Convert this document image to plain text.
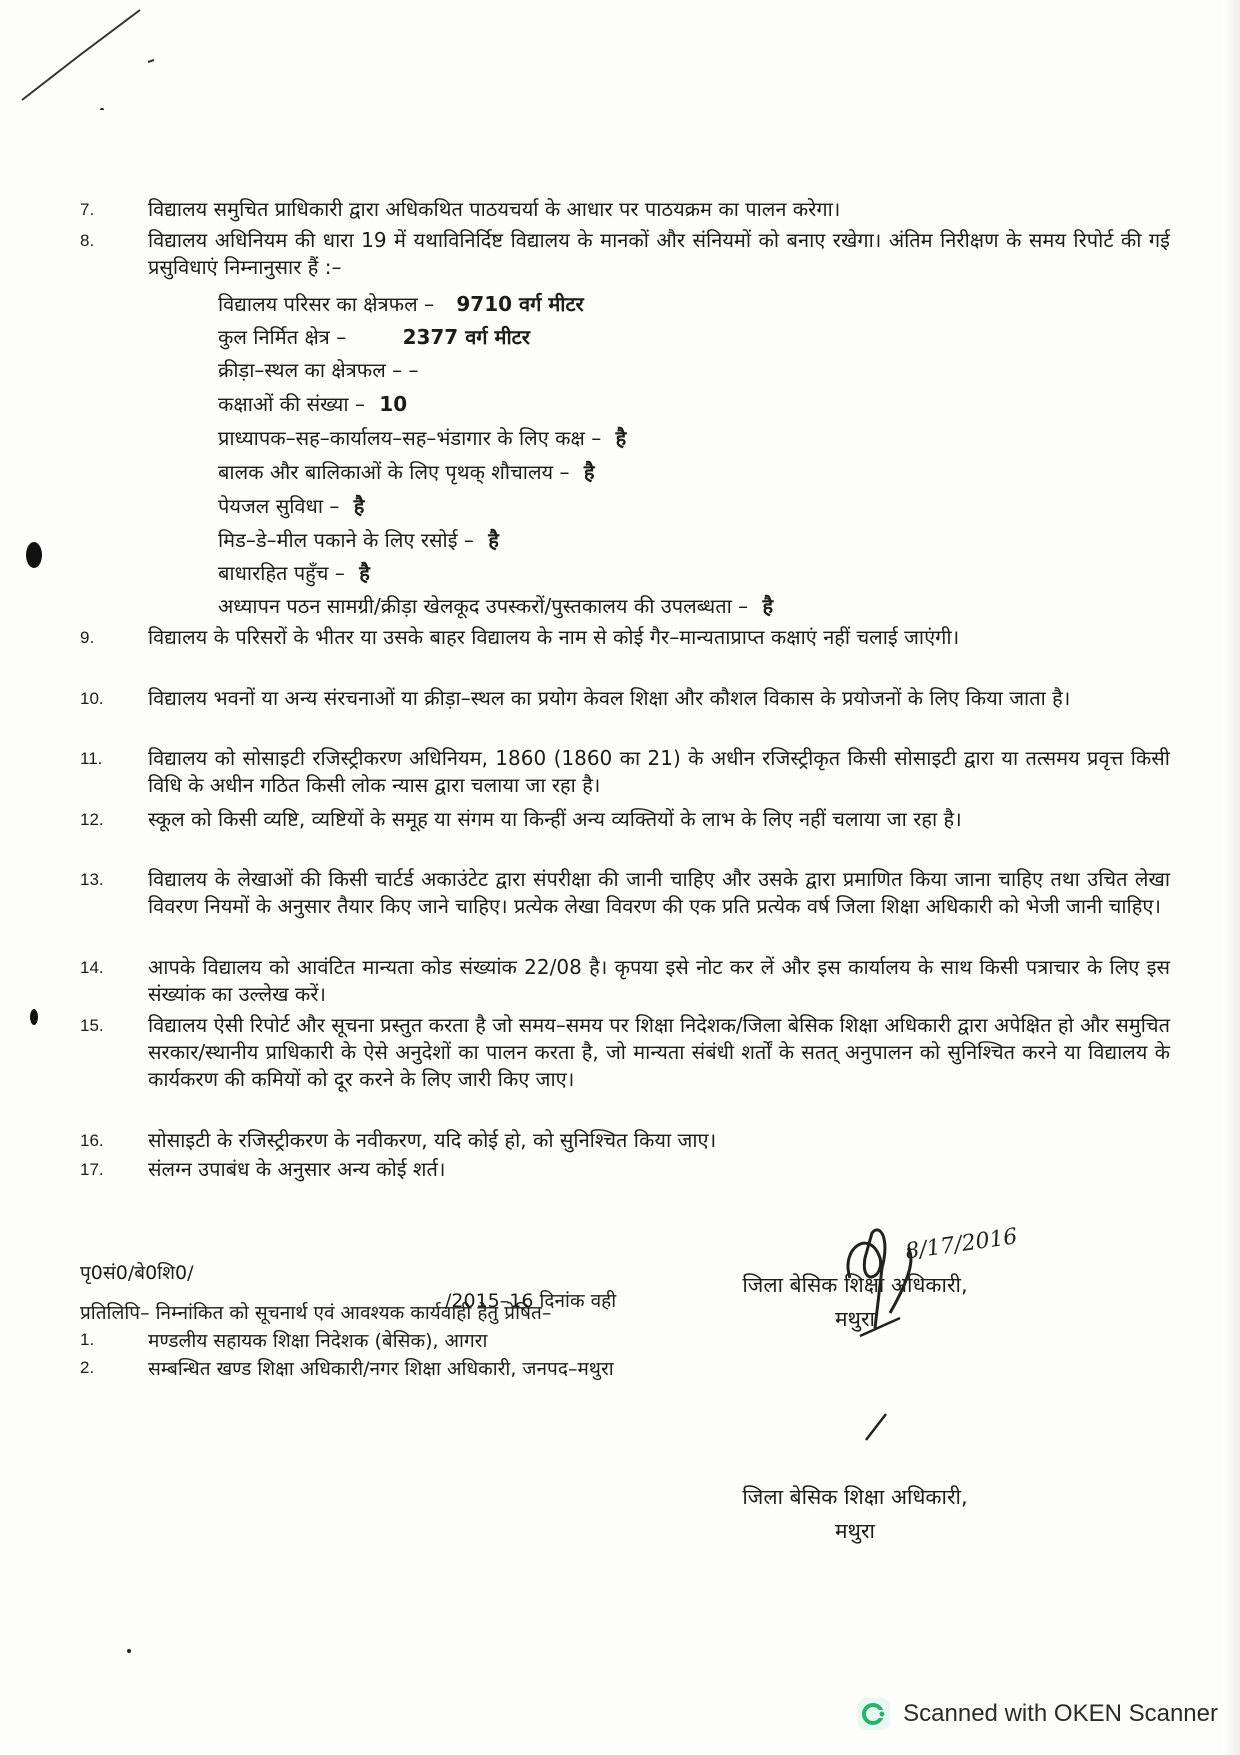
7.	विद्यालय समुचित प्राधिकारी द्वारा अधिकथित पाठयचर्या के आधार पर पाठयक्रम का पालन करेगा।
8.	विद्यालय अधिनियम की धारा 19 में यथाविनिर्दिष्ट विद्यालय के मानकों और संनियमों को बनाए रखेगा। अंतिम निरीक्षण के समय रिपोर्ट की गई प्रसुविधाएं निम्नानुसार हैं :–
विद्यालय परिसर का क्षेत्रफल – 9710 वर्ग मीटर
कुल निर्मित क्षेत्र –	2377 वर्ग मीटर
क्रीड़ा–स्थल का क्षेत्रफल – –
कक्षाओं की संख्या – 10
प्राध्यापक–सह–कार्यालय–सह–भंडागार के लिए कक्ष – है
बालक और बालिकाओं के लिए पृथक् शौचालय – है
पेयजल सुविधा – है
मिड–डे–मील पकाने के लिए रसोई – है
बाधारहित पहुँच – है
अध्यापन पठन सामग्री/क्रीड़ा खेलकूद उपस्करों/पुस्तकालय की उपलब्धता – है
9.	विद्यालय के परिसरों के भीतर या उसके बाहर विद्यालय के नाम से कोई गैर–मान्यताप्राप्त कक्षाएं नहीं चलाई जाएंगी।
10.	विद्यालय भवनों या अन्य संरचनाओं या क्रीड़ा–स्थल का प्रयोग केवल शिक्षा और कौशल विकास के प्रयोजनों के लिए किया जाता है।
11.	विद्यालय को सोसाइटी रजिस्ट्रीकरण अधिनियम, 1860 (1860 का 21) के अधीन रजिस्ट्रीकृत किसी सोसाइटी द्वारा या तत्समय प्रवृत्त किसी विधि के अधीन गठित किसी लोक न्यास द्वारा चलाया जा रहा है।
12.	स्कूल को किसी व्यष्टि, व्यष्टियों के समूह या संगम या किन्हीं अन्य व्यक्तियों के लाभ के लिए नहीं चलाया जा रहा है।
13.	विद्यालय के लेखाओं की किसी चार्टर्ड अकाउंटेट द्वारा संपरीक्षा की जानी चाहिए और उसके द्वारा प्रमाणित किया जाना चाहिए तथा उचित लेखा विवरण नियमों के अनुसार तैयार किए जाने चाहिए। प्रत्येक लेखा विवरण की एक प्रति प्रत्येक वर्ष जिला शिक्षा अधिकारी को भेजी जानी चाहिए।
14.	आपके विद्यालय को आवंटित मान्यता कोड संख्यांक 22/08 है। कृपया इसे नोट कर लें और इस कार्यालय के साथ किसी पत्राचार के लिए इस संख्यांक का उल्लेख करें।
15.	विद्यालय ऐसी रिपोर्ट और सूचना प्रस्तुत करता है जो समय–समय पर शिक्षा निदेशक/जिला बेसिक शिक्षा अधिकारी द्वारा अपेक्षित हो और समुचित सरकार/स्थानीय प्राधिकारी के ऐसे अनुदेशों का पालन करता है, जो मान्यता संबंधी शर्तों के सतत् अनुपालन को सुनिश्चित करने या विद्यालय के कार्यकरण की कमियों को दूर करने के लिए जारी किए जाए।
16.	सोसाइटी के रजिस्ट्रीकरण के नवीकरण, यदि कोई हो, को सुनिश्चित किया जाए।
17.	संलग्न उपाबंध के अनुसार अन्य कोई शर्त।
जिला बेसिक शिक्षा अधिकारी,
मथुरा
8/17/2016
पृ0सं0/बे0शि0/
/2015–16 दिनांक वही
प्रतिलिपि– निम्नांकित को सूचनार्थ एवं आवश्यक कार्यवाही हेतु प्रेषित–
1.	मण्डलीय सहायक शिक्षा निदेशक (बेसिक), आगरा
2.	सम्बन्धित खण्ड शिक्षा अधिकारी/नगर शिक्षा अधिकारी, जनपद–मथुरा
जिला बेसिक शिक्षा अधिकारी,
मथुरा
Scanned with OKEN Scanner
